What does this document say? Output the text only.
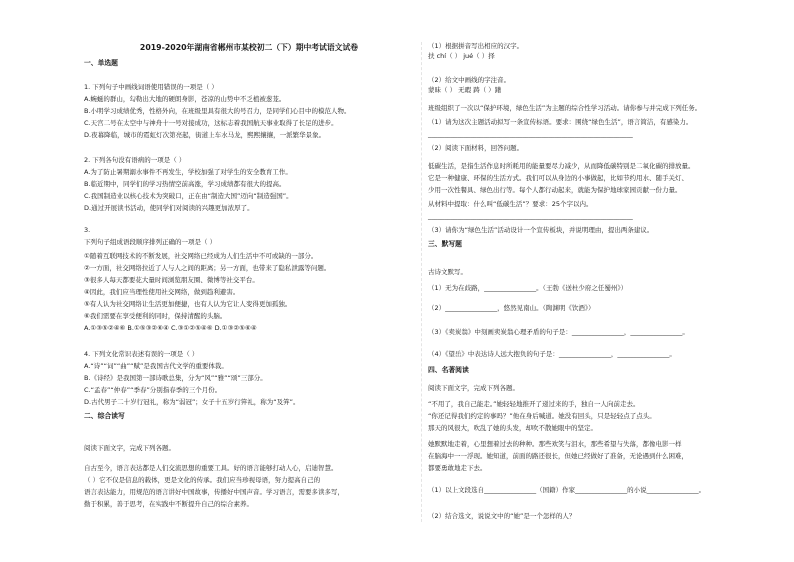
2019-2020年湖南省郴州市某校初二（下）期中考试语文试卷
一、单选题
1. 下列句子中画线词语使用错误的一项是（ ）
A.蜿蜒的群山，勾勒出大地的硬朗身影，苍凉的山势中不乏植被葱茏。
B.小明学习成绩优秀，性格外向，在班级里具有很大的号召力，是同学们心目中的模范人物。
C.天宫二号在太空中与神舟十一号对接成功，这标志着我国航天事业取得了长足的进步。
D.夜幕降临，城市的霓虹灯次第亮起，街道上车水马龙，熙熙攘攘，一派繁华景象。
2. 下列各句没有语病的一项是（ ）
A.为了防止暑期溺水事件不再发生，学校加强了对学生的安全教育工作。
B.临近期中，同学们的学习热情空前高涨，学习成绩都有很大的提高。
C.我国制造业以核心技术为突破口，正在由“制造大国”迈向“制造强国”。
D.通过开展读书活动，使同学们对阅读的兴趣更加浓厚了。
3.
下列句子组成语段顺序排列正确的一项是（ ）
①随着互联网技术的不断发展，社交网络已经成为人们生活中不可或缺的一部分。
②一方面，社交网络拉近了人与人之间的距离；另一方面，也带来了隐私泄露等问题。
③很多人每天都要花大量时间浏览朋友圈、微博等社交平台。
④因此，我们应当理性使用社交网络，做到趋利避害。
⑤有人认为社交网络让生活更加便捷，也有人认为它让人变得更加孤独。
⑥我们需要在享受便利的同时，保持清醒的头脑。
A.①③⑤②④⑥ B.①⑤③②⑥④ C.③①②⑤④⑥ D.①③②⑤⑥④
4. 下列文化常识表述有误的一项是（ ）
A.“诗”“词”“曲”“赋”是我国古代文学的重要体裁。
B.《诗经》是我国第一部诗歌总集，分为“风”“雅”“颂”三部分。
C.“孟春”“仲春”“季春”分别指春季的三个月份。
D.古代男子二十岁行冠礼，称为“弱冠”；女子十五岁行笄礼，称为“及笄”。
二、综合读写
阅读下面文字，完成下列各题。
自古至今，语言表达都是人们交流思想的重要工具。好的语言能够打动人心，启迪智慧。
（ ）它不仅是信息的载体，更是文化的传承。我们应当珍视母语，努力提高自己的
语言表达能力，用规范的语言讲好中国故事，传播好中国声音。学习语言，需要多读多写，
勤于积累，善于思考，在实践中不断提升自己的综合素养。
（1）根据拼音写出相应的汉字。
扶 chí（ ） jué（ ）择
（2）给文中画线的字注音。
蒙昧（ ） 无暇 踌（ ）躇
班级组织了一次以“保护环境，绿色生活”为主题的综合性学习活动。请你参与并完成下列任务。
（1）请为这次主题活动拟写一条宣传标语。要求：围绕“绿色生活”，语言简洁，有感染力。
_______________________________________________________________
（2）阅读下面材料，回答问题。
低碳生活，是指生活作息时所耗用的能量要尽力减少，从而降低碳特别是二氧化碳的排放量。
它是一种健康、环保的生活方式。我们可以从身边的小事做起，比如节约用水、随手关灯、
少用一次性餐具、绿色出行等。每个人都行动起来，就能为保护地球家园贡献一份力量。
从材料中提取：什么叫“低碳生活”？要求：25个字以内。
_______________________________________________________________
（3）请你为“绿色生活”活动设计一个宣传板块，并说明理由，提出两条建议。
三、默写题
古诗文默写。
（1）无为在歧路，________________。（王勃《送杜少府之任蜀州》）
（2）________________，悠然见南山。（陶渊明《饮酒》）
（3）《卖炭翁》中刻画卖炭翁心理矛盾的句子是：________________，________________。
（4）《望岳》中表达诗人远大抱负的句子是：________________，________________。
四、名著阅读
阅读下面文字，完成下列各题。
“不用了，我自己能走。”她轻轻地推开了递过来的手，独自一人向前走去。
“你还记得我们约定的事吗？”他在身后喊道。她没有回头，只是轻轻点了点头。
那天的风很大，吹乱了她的头发，却吹不散她眼中的坚定。
她默默地走着，心里想着过去的种种。那些欢笑与泪水，那些希望与失落，都像电影一样
在脑海中一一浮现。她知道，前面的路还很长，但她已经做好了准备，无论遇到什么困难，
都要勇敢地走下去。
（1）以上文段选自________________（国籍）作家________________的小说________________。
（2）结合选文，说说文中的“她”是一个怎样的人？
